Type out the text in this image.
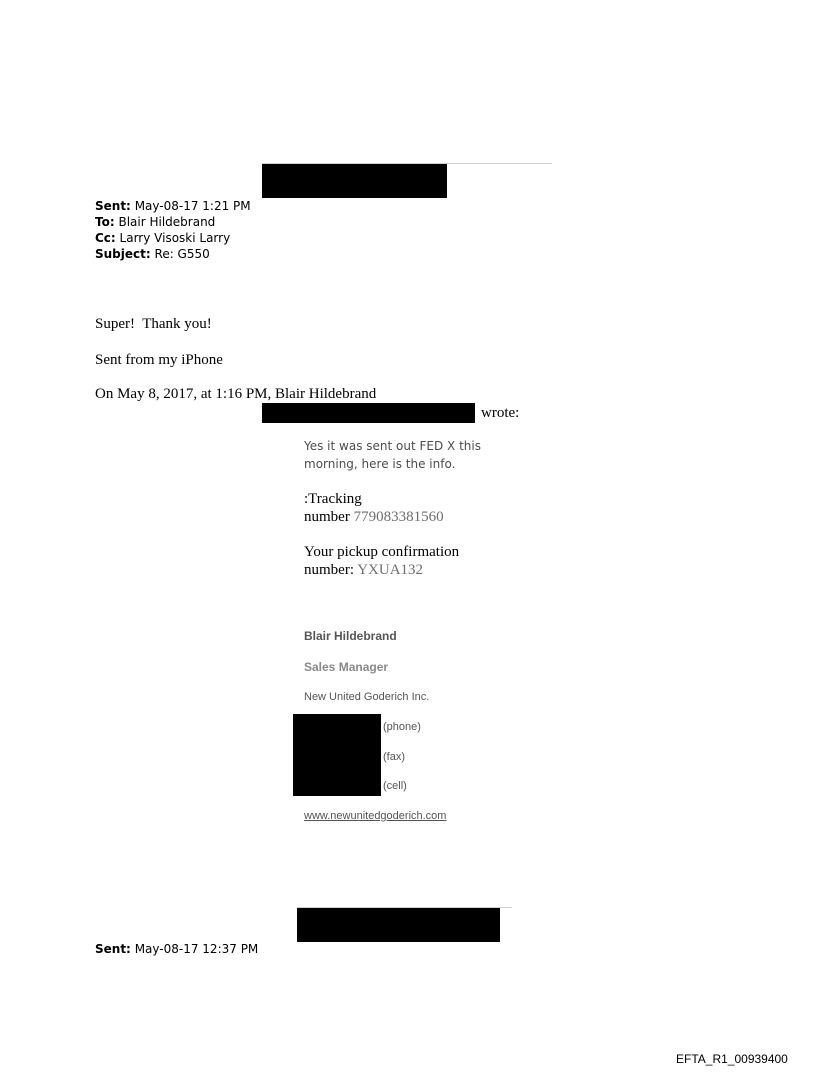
Sent: May-08-17 1:21 PM
To: Blair Hildebrand
Cc: Larry Visoski Larry
Subject: Re: G550
Super!  Thank you!
Sent from my iPhone
On May 8, 2017, at 1:16 PM, Blair Hildebrand
wrote:
Yes it was sent out FED X this
morning, here is the info.
:Tracking
number 779083381560
Your pickup confirmation
number: YXUA132
Blair Hildebrand
Sales Manager
New United Goderich Inc.
(phone)
(fax)
(cell)
www.newunitedgoderich.com
Sent: May-08-17 12:37 PM
EFTA_R1_00939400
